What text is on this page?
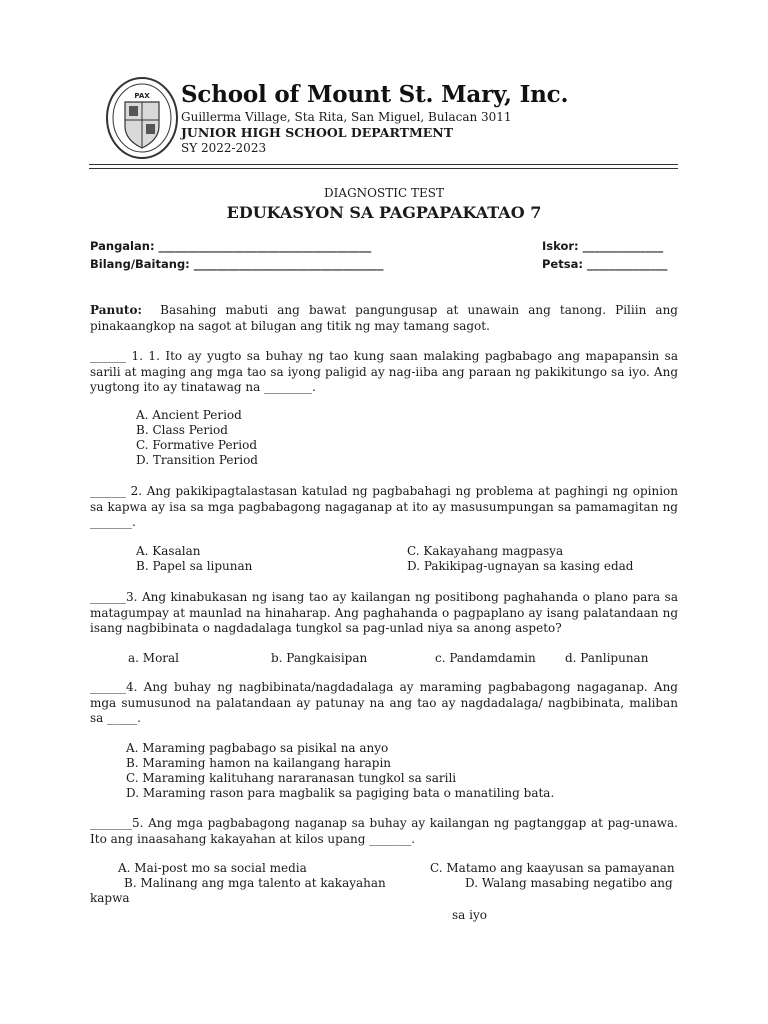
PAX School of Mount St. Mary, Inc.
Guillerma Village, Sta Rita, San Miguel, Bulacan 3011
JUNIOR HIGH SCHOOL DEPARTMENT
SY 2022-2023
DIAGNOSTIC TEST
EDUKASYON SA PAGPAPAKATAO 7
Pangalan: _____________________________________
Bilang/Baitang: _________________________________
Iskor: ______________
Petsa: ______________
Panuto: Basahing mabuti ang bawat pangungusap at unawain ang tanong. Piliin ang pinakaangkop na sagot at bilugan ang titik ng may tamang sagot.
______ 1. 1. Ito ay yugto sa buhay ng tao kung saan malaking pagbabago ang mapapansin sa sarili at maging ang mga tao sa iyong paligid ay nag-iiba ang paraan ng pakikitungo sa iyo. Ang yugtong ito ay tinatawag na ________.
A. Ancient Period
B. Class Period
C. Formative Period
D. Transition Period
______ 2. Ang pakikipagtalastasan katulad ng pagbabahagi ng problema at paghingi ng opinion sa kapwa ay isa sa mga pagbabagong nagaganap at ito ay masusumpungan sa pamamagitan ng _______.
A. Kasalan
B. Papel sa lipunan
C. Kakayahang magpasya
D. Pakikipag-ugnayan sa kasing edad
______3. Ang kinabukasan ng isang tao ay kailangan ng positibong paghahanda o plano para sa matagumpay at maunlad na hinaharap. Ang paghahanda o pagpaplano ay isang palatandaan ng isang nagbibinata o nagdadalaga tungkol sa pag-unlad niya sa anong aspeto?
a. Moral	b. Pangkaisipan	c. Pandamdamin d. Panlipunan
______4. Ang buhay ng nagbibinata/nagdadalaga ay maraming pagbabagong nagaganap. Ang mga sumusunod na palatandaan ay patunay na ang tao ay nagdadalaga/ nagbibinata, maliban sa _____.
A. Maraming pagbabago sa pisikal na anyo
B. Maraming hamon na kailangang harapin
C. Maraming kalituhang nararanasan tungkol sa sarili
D. Maraming rason para magbalik sa pagiging bata o manatiling bata.
_______5. Ang mga pagbabagong naganap sa buhay ay kailangan ng pagtanggap at pag-unawa. Ito ang inaasahang kakayahan at kilos upang _______.
A. Mai-post mo sa social media	C. Matamo ang kaayusan sa pamayanan
B. Malinang ang mga talento at kakayahan	D. Walang masabing negatibo ang
kapwa
sa iyo
